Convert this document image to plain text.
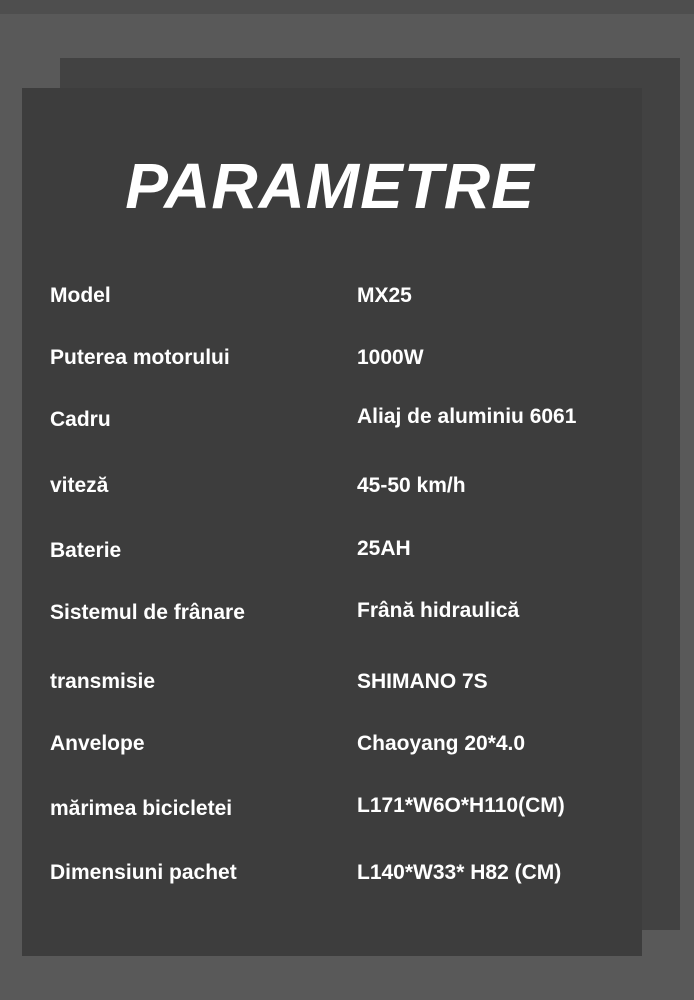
PARAMETRE
Model	MX25
Puterea motorului	1000W
Cadru	Aliaj de aluminiu 6061
viteză	45-50 km/h
Baterie	25AH
Sistemul de frânare	Frână hidraulică
transmisie	SHIMANO 7S
Anvelope	Chaoyang 20*4.0
mărimea bicicletei	L171*W6O*H110(CM)
Dimensiuni pachet	L140*W33* H82 (CM)
